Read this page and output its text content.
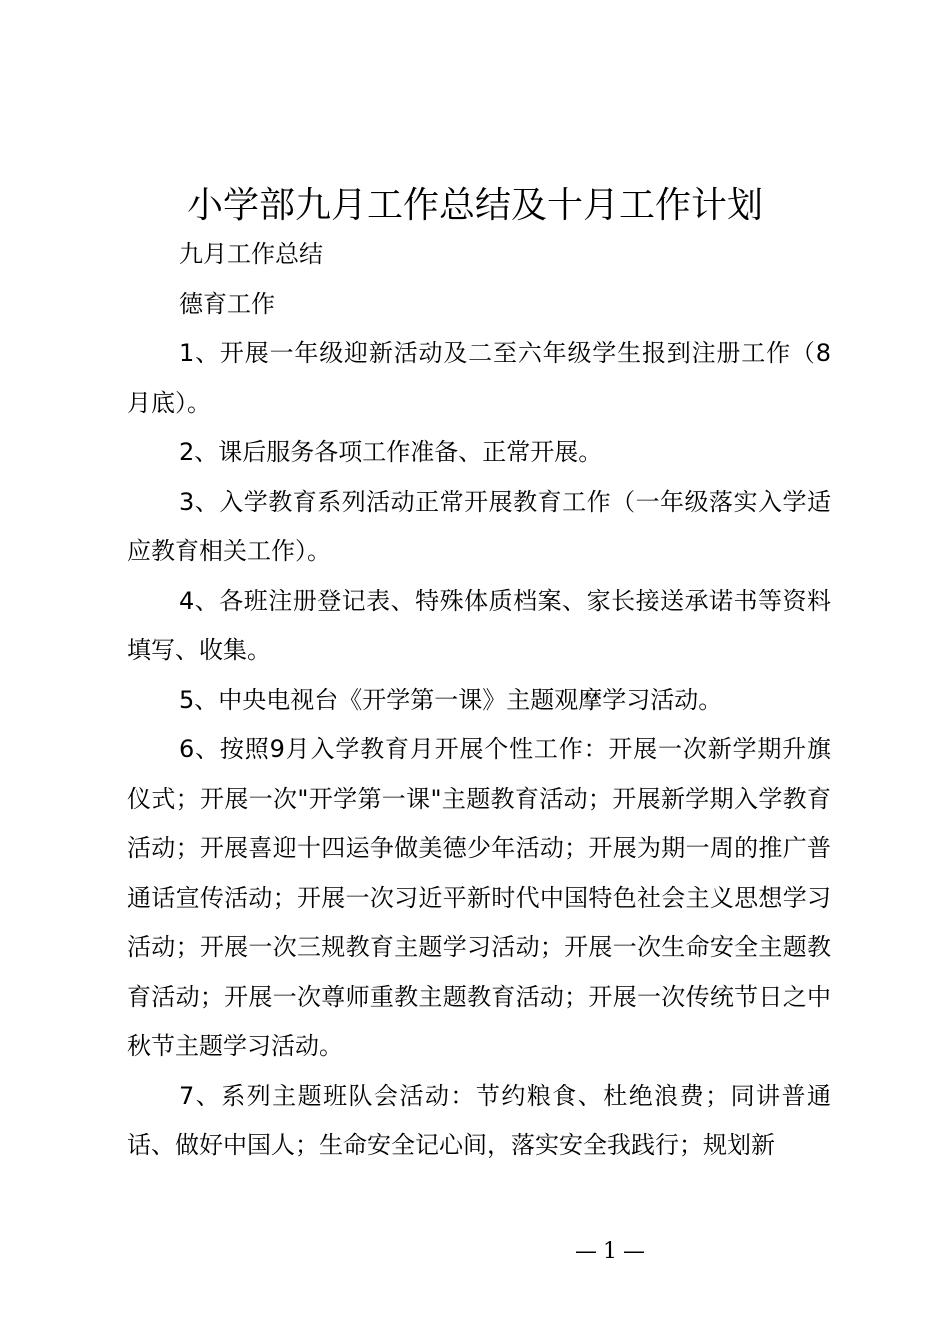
小学部九月工作总结及十月工作计划

九月工作总结

德育工作

1、开展一年级迎新活动及二至六年级学生报到注册工作（8月底）。

2、课后服务各项工作准备、正常开展。

3、入学教育系列活动正常开展教育工作（一年级落实入学适应教育相关工作）。

4、各班注册登记表、特殊体质档案、家长接送承诺书等资料填写、收集。

5、中央电视台《开学第一课》主题观摩学习活动。

6、按照9月入学教育月开展个性工作：开展一次新学期升旗仪式；开展一次"开学第一课"主题教育活动；开展新学期入学教育活动；开展喜迎十四运争做美德少年活动；开展为期一周的推广普通话宣传活动；开展一次习近平新时代中国特色社会主义思想学习活动；开展一次三规教育主题学习活动；开展一次生命安全主题教育活动；开展一次尊师重教主题教育活动；开展一次传统节日之中秋节主题学习活动。

7、系列主题班队会活动：节约粮食、杜绝浪费；同讲普通话、做好中国人；生命安全记心间，落实安全我践行；规划新

— 1 —
